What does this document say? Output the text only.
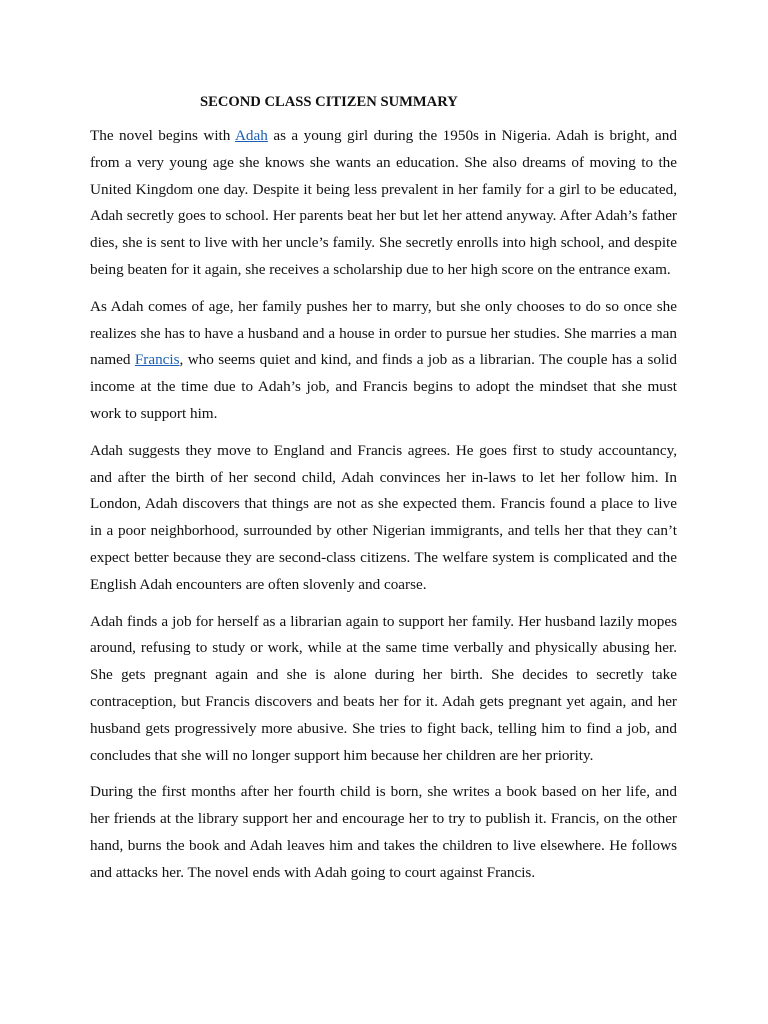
SECOND CLASS CITIZEN SUMMARY

The novel begins with Adah as a young girl during the 1950s in Nigeria. Adah is bright, and from a very young age she knows she wants an education. She also dreams of moving to the United Kingdom one day. Despite it being less prevalent in her family for a girl to be educated, Adah secretly goes to school. Her parents beat her but let her attend anyway. After Adah’s father dies, she is sent to live with her uncle’s family. She secretly enrolls into high school, and despite being beaten for it again, she receives a scholarship due to her high score on the entrance exam.

As Adah comes of age, her family pushes her to marry, but she only chooses to do so once she realizes she has to have a husband and a house in order to pursue her studies. She marries a man named Francis, who seems quiet and kind, and finds a job as a librarian. The couple has a solid income at the time due to Adah’s job, and Francis begins to adopt the mindset that she must work to support him.

Adah suggests they move to England and Francis agrees. He goes first to study accountancy, and after the birth of her second child, Adah convinces her in-laws to let her follow him. In London, Adah discovers that things are not as she expected them. Francis found a place to live in a poor neighborhood, surrounded by other Nigerian immigrants, and tells her that they can’t expect better because they are second-class citizens. The welfare system is complicated and the English Adah encounters are often slovenly and coarse.

Adah finds a job for herself as a librarian again to support her family. Her husband lazily mopes around, refusing to study or work, while at the same time verbally and physically abusing her. She gets pregnant again and she is alone during her birth. She decides to secretly take contraception, but Francis discovers and beats her for it. Adah gets pregnant yet again, and her husband gets progressively more abusive. She tries to fight back, telling him to find a job, and concludes that she will no longer support him because her children are her priority.

During the first months after her fourth child is born, she writes a book based on her life, and her friends at the library support her and encourage her to try to publish it. Francis, on the other hand, burns the book and Adah leaves him and takes the children to live elsewhere. He follows and attacks her. The novel ends with Adah going to court against Francis.
